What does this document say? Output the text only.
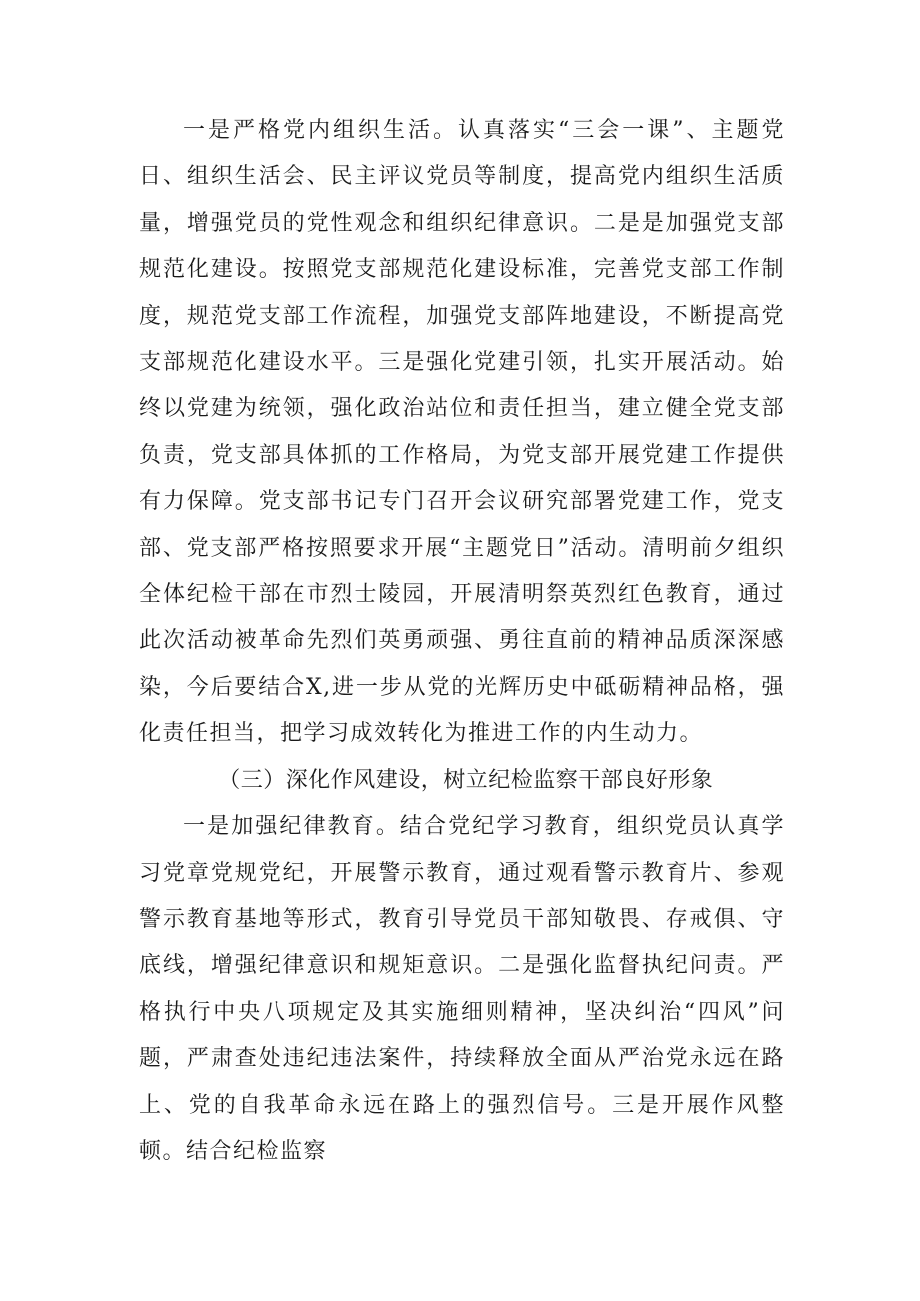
一是严格党内组织生活。认真落实“三会一课”、主题党日、组织生活会、民主评议党员等制度，提高党内组织生活质量，增强党员的党性观念和组织纪律意识。二是是加强党支部规范化建设。按照党支部规范化建设标准，完善党支部工作制度，规范党支部工作流程，加强党支部阵地建设，不断提高党支部规范化建设水平。三是强化党建引领，扎实开展活动。始终以党建为统领，强化政治站位和责任担当，建立健全党支部负责，党支部具体抓的工作格局，为党支部开展党建工作提供有力保障。党支部书记专门召开会议研究部署党建工作，党支部、党支部严格按照要求开展“主题党日”活动。清明前夕组织全体纪检干部在市烈士陵园，开展清明祭英烈红色教育，通过此次活动被革命先烈们英勇顽强、勇往直前的精神品质深深感染，今后要结合X,进一步从党的光辉历史中砥砺精神品格，强化责任担当，把学习成效转化为推进工作的内生动力。

（三）深化作风建设，树立纪检监察干部良好形象

一是加强纪律教育。结合党纪学习教育，组织党员认真学习党章党规党纪，开展警示教育，通过观看警示教育片、参观警示教育基地等形式，教育引导党员干部知敬畏、存戒俱、守底线，增强纪律意识和规矩意识。二是强化监督执纪问责。严格执行中央八项规定及其实施细则精神，坚决纠治“四风”问题，严肃查处违纪违法案件，持续释放全面从严治党永远在路上、党的自我革命永远在路上的强烈信号。三是开展作风整顿。结合纪检监察
